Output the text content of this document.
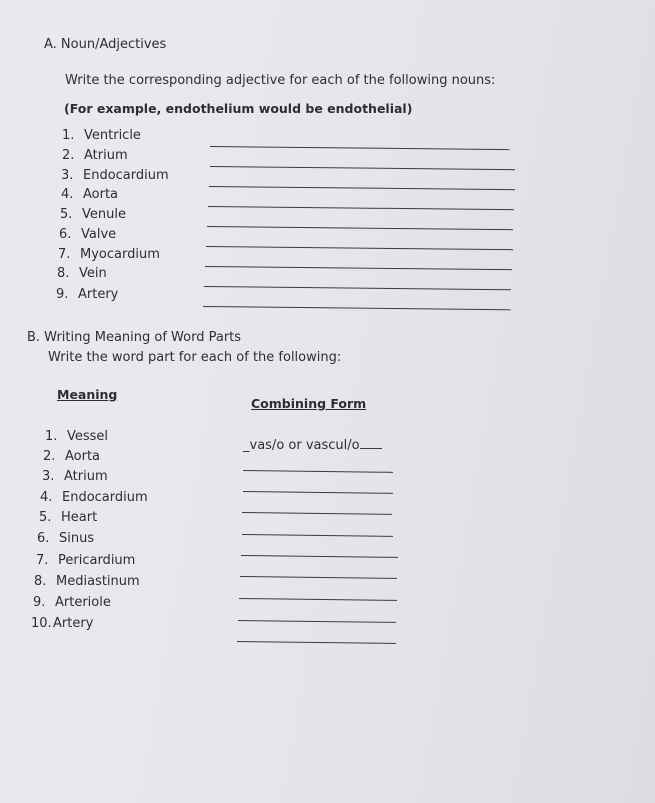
A. Noun/Adjectives
Write the corresponding adjective for each of the following nouns:
(For example, endothelium would be endothelial)
1. Ventricle
2. Atrium
3. Endocardium
4. Aorta
5. Venule
6. Valve
7. Myocardium
8. Vein
9. Artery
B. Writing Meaning of Word Parts
Write the word part for each of the following:
Meaning
Combining Form
1. Vessel
2. Aorta
3. Atrium
4. Endocardium
5. Heart
6. Sinus
7. Pericardium
8. Mediastinum
9. Arteriole
10.Artery
_vas/o or vascul/o
